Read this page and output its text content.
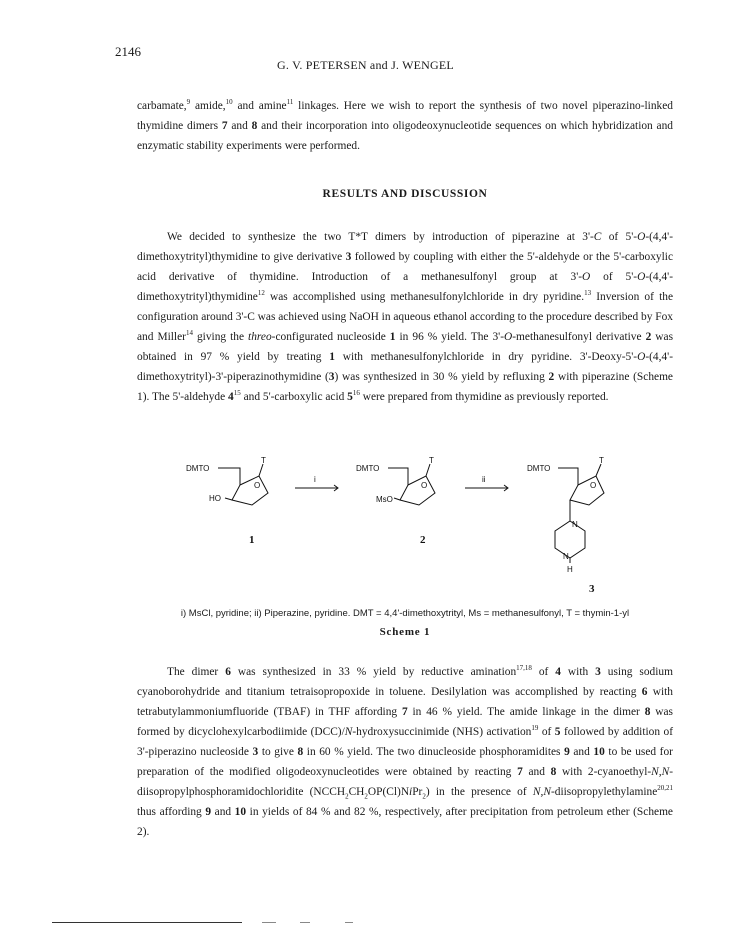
2146
G. V. PETERSEN and J. WENGEL

carbamate,$^9$ amide,$^{10}$ and amine$^{11}$ linkages. Here we wish to report the synthesis of two novel piperazino-linked thymidine dimers 7 and 8 and their incorporation into oligodeoxynucleotide sequences on which hybridization and enzymatic stability experiments were performed.

RESULTS AND DISCUSSION

We decided to synthesize the two T*T dimers by introduction of piperazine at 3'-C of 5'-O-(4,4'-dimethoxytrityl)thymidine to give derivative 3 followed by coupling with either the 5'-aldehyde or the 5'-carboxylic acid derivative of thymidine. Introduction of a methanesulfonyl group at 3'-O of 5'-O-(4,4'-dimethoxytrityl)thymidine$^{12}$ was accomplished using methanesulfonylchloride in dry pyridine.$^{13}$ Inversion of the configuration around 3'-C was achieved using NaOH in aqueous ethanol according to the procedure described by Fox and Miller$^{14}$ giving the threo-configurated nucleoside 1 in 96 % yield. The 3'-O-methanesulfonyl derivative 2 was obtained in 97 % yield by treating 1 with methanesulfonylchloride in dry pyridine. 3'-Deoxy-5'-O-(4,4'-dimethoxytrityl)-3'-piperazinothymidine (3) was synthesized in 30 % yield by refluxing 2 with piperazine (Scheme 1). The 5'-aldehyde $4^{15}$ and 5'-carboxylic acid $5^{16}$ were prepared from thymidine as previously reported.

DMTO
T
O
HO
i
DMTO
T
O
MsO
ii
DMTO
T
O
N
N
H
1	2
3
i) MsCl, pyridine; ii) Piperazine, pyridine. DMT = 4,4'-dimethoxytrityl, Ms = methanesulfonyl, T = thymin-1-yl
Scheme 1

The dimer 6 was synthesized in 33 % yield by reductive amination$^{17,18}$ of 4 with 3 using sodium cyanoborohydride and titanium tetraisopropoxide in toluene. Desilylation was accomplished by reacting 6 with tetrabutylammoniumfluoride (TBAF) in THF affording 7 in 46 % yield. The amide linkage in the dimer 8 was formed by dicyclohexylcarbodiimide (DCC)/N-hydroxysuccinimide (NHS) activation$^{19}$ of 5 followed by addition of 3'-piperazino nucleoside 3 to give 8 in 60 % yield. The two dinucleoside phosphoramidites 9 and 10 to be used for preparation of the modified oligodeoxynucleotides were obtained by reacting 7 and 8 with 2-cyanoethyl-N,N-diisopropylphosphoramidochloridite $(NCCH_2CH_2OP(Cl)NiPr_2)$ in the presence of N,N-diisopropylethylamine$^{20,21}$ thus affording 9 and 10 in yields of 84 % and 82 %, respectively, after precipitation from petroleum ether (Scheme 2).
